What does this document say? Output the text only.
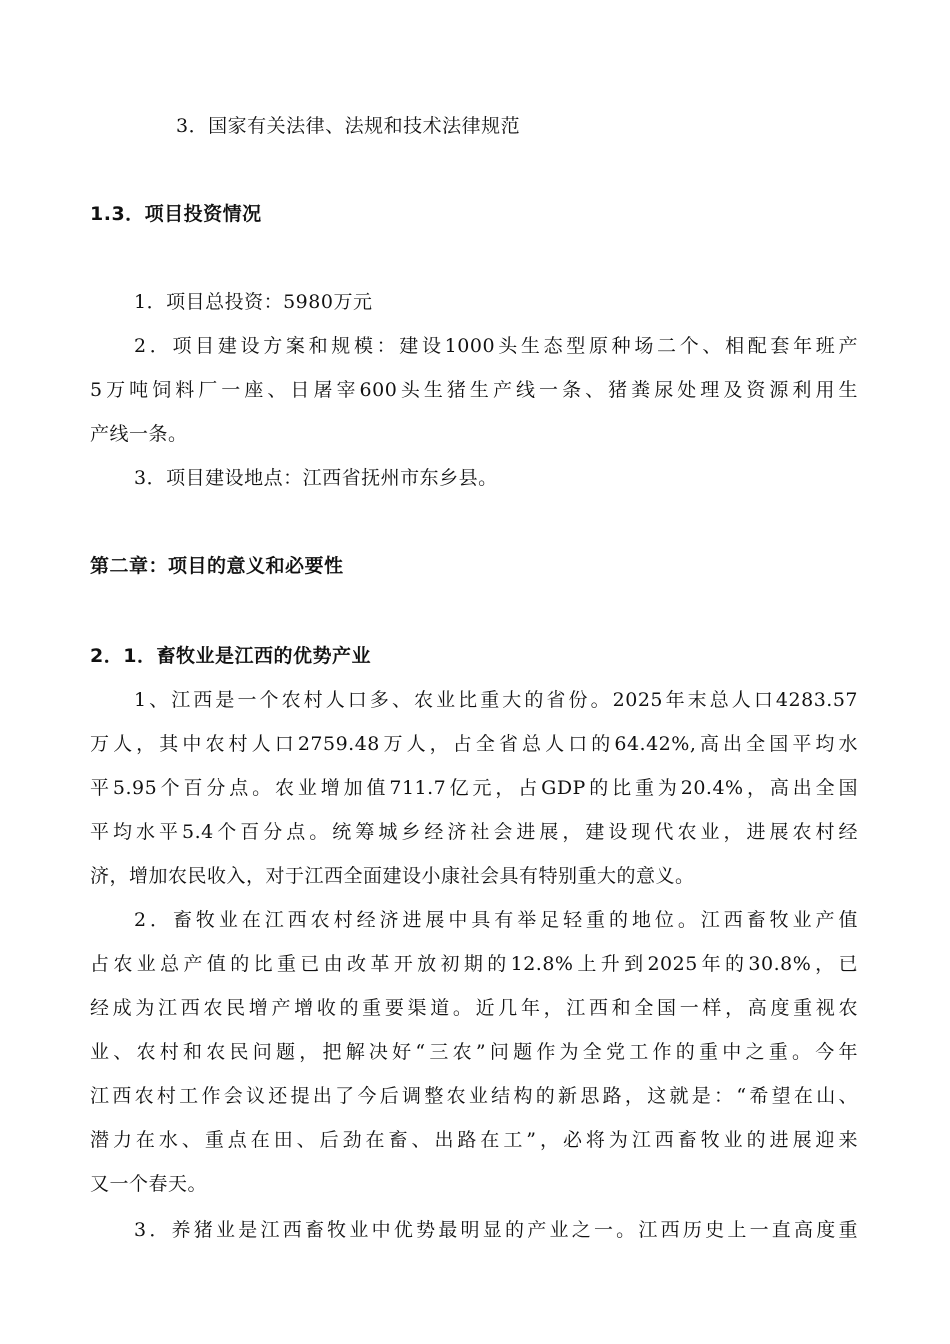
3．国家有关法律、法规和技术法律规范
1.3．项目投资情况
1．项目总投资：5980万元
2．项目建设方案和规模：建设1000头生态型原种场二个、相配套年班产
5万吨饲料厂一座、日屠宰600头生猪生产线一条、猪粪尿处理及资源利用生
产线一条。
3．项目建设地点：江西省抚州市东乡县。
第二章：项目的意义和必要性
2．1．畜牧业是江西的优势产业
1、江西是一个农村人口多、农业比重大的省份。2025年末总人口4283.57
万人，其中农村人口2759.48万人，占全省总人口的64.42%,高出全国平均水
平5.95个百分点。农业增加值711.7亿元，占GDP的比重为20.4%，高出全国
平均水平5.4个百分点。统筹城乡经济社会进展，建设现代农业，进展农村经
济，增加农民收入，对于江西全面建设小康社会具有特别重大的意义。
2．畜牧业在江西农村经济进展中具有举足轻重的地位。江西畜牧业产值
占农业总产值的比重已由改革开放初期的12.8%上升到2025年的30.8%，已
经成为江西农民增产增收的重要渠道。近几年，江西和全国一样，高度重视农
业、农村和农民问题，把解决好“三农”问题作为全党工作的重中之重。今年
江西农村工作会议还提出了今后调整农业结构的新思路，这就是：“希望在山、
潜力在水、重点在田、后劲在畜、出路在工”，必将为江西畜牧业的进展迎来
又一个春天。
3．养猪业是江西畜牧业中优势最明显的产业之一。江西历史上一直高度重
